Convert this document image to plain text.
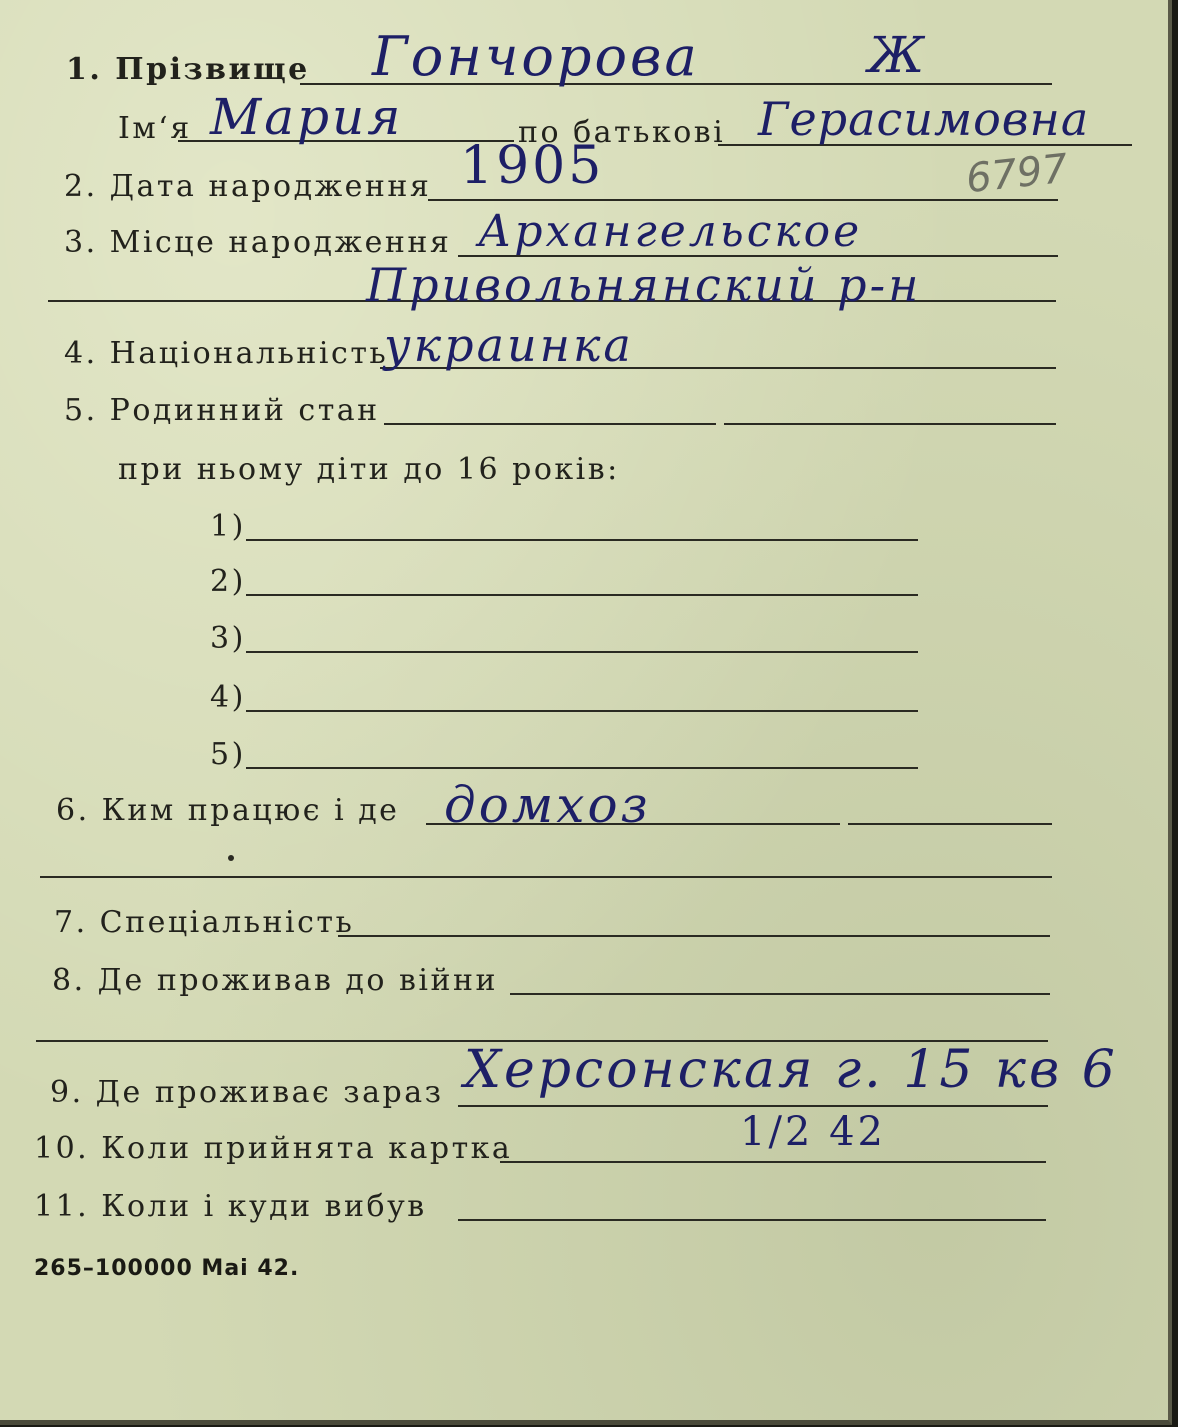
1. Прізвище Гончорова	Ж
Ім‘я Мария	по батькові Герасимовна
2. Дата народження 1905	6797
3. Місце народження Архангельское
Привольнянский р-н
4. Національність
украинка
5. Родинний стан
при ньому діти до 16 років:
1)
2)
3)
4)
5)
6. Ким працює і де домхоз
7. Спеціальність
8. Де проживав до війни
9. Де проживає зараз Херсонская г. 15 кв 6
10. Коли прийнята картка	1/2 42
11. Коли і куди вибув
265–100000 Mai 42.
